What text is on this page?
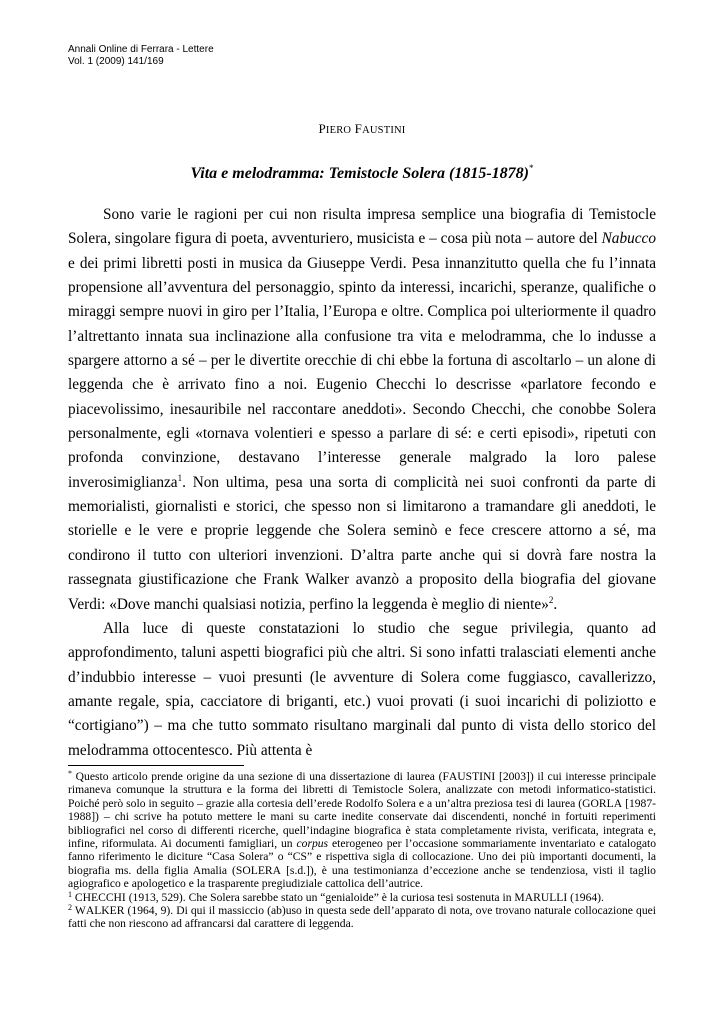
Annali Online di Ferrara - Lettere
Vol. 1 (2009) 141/169
PIERO FAUSTINI
Vita e melodramma: Temistocle Solera (1815-1878)*

Sono varie le ragioni per cui non risulta impresa semplice una biografia di Temistocle Solera, singolare figura di poeta, avventuriero, musicista e – cosa più nota – autore del Nabucco e dei primi libretti posti in musica da Giuseppe Verdi. Pesa innanzitutto quella che fu l’innata propensione all’avventura del personaggio, spinto da interessi, incarichi, speranze, qualifiche o miraggi sempre nuovi in giro per l’Italia, l’Europa e oltre. Complica poi ulteriormente il quadro l’altrettanto innata sua inclinazione alla confusione tra vita e melodramma, che lo indusse a spargere attorno a sé – per le divertite orecchie di chi ebbe la fortuna di ascoltarlo – un alone di leggenda che è arrivato fino a noi. Eugenio Checchi lo descrisse «parlatore fecondo e piacevolissimo, inesauribile nel raccontare aneddoti». Secondo Checchi, che conobbe Solera personalmente, egli «tornava volentieri e spesso a parlare di sé: e certi episodi», ripetuti con profonda convinzione, destavano l’interesse generale malgrado la loro palese inverosimiglianza$^1$. Non ultima, pesa una sorta di complicità nei suoi confronti da parte di memorialisti, giornalisti e storici, che spesso non si limitarono a tramandare gli aneddoti, le storielle e le vere e proprie leggende che Solera seminò e fece crescere attorno a sé, ma condirono il tutto con ulteriori invenzioni. D’altra parte anche qui si dovrà fare nostra la rassegnata giustificazione che Frank Walker avanzò a proposito della biografia del giovane Verdi: «Dove manchi qualsiasi notizia, perfino la leggenda è meglio di niente»$^2$.

Alla luce di queste constatazioni lo studio che segue privilegia, quanto ad approfondimento, taluni aspetti biografici più che altri. Si sono infatti tralasciati elementi anche d’indubbio interesse – vuoi presunti (le avventure di Solera come fuggiasco, cavallerizzo, amante regale, spia, cacciatore di briganti, etc.) vuoi provati (i suoi incarichi di poliziotto e “cortigiano”) – ma che tutto sommato risultano marginali dal punto di vista dello storico del melodramma ottocentesco. Più attenta è

* Questo articolo prende origine da una sezione di una dissertazione di laurea (FAUSTINI [2003]) il cui interesse principale rimaneva comunque la struttura e la forma dei libretti di Temistocle Solera, analizzate con metodi informatico-statistici. Poiché però solo in seguito – grazie alla cortesia dell’erede Rodolfo Solera e a un’altra preziosa tesi di laurea (GORLA [1987-1988]) – chi scrive ha potuto mettere le mani su carte inedite conservate dai discendenti, nonché in fortuiti reperimenti bibliografici nel corso di differenti ricerche, quell’indagine biografica è stata completamente rivista, verificata, integrata e, infine, riformulata. Ai documenti famigliari, un corpus eterogeneo per l’occasione sommariamente inventariato e catalogato fanno riferimento le diciture “Casa Solera” o “CS” e rispettiva sigla di collocazione. Uno dei più importanti documenti, la biografia ms. della figlia Amalia (SOLERA [s.d.]), è una testimonianza d’eccezione anche se tendenziosa, visti il taglio agiografico e apologetico e la trasparente pregiudiziale cattolica dell’autrice.

$^1$ CHECCHI (1913, 529). Che Solera sarebbe stato un “genialoide” è la curiosa tesi sostenuta in MARULLI (1964).

$^2$ WALKER (1964, 9). Di qui il massiccio (ab)uso in questa sede dell’apparato di nota, ove trovano naturale collocazione quei fatti che non riescono ad affrancarsi dal carattere di leggenda.
